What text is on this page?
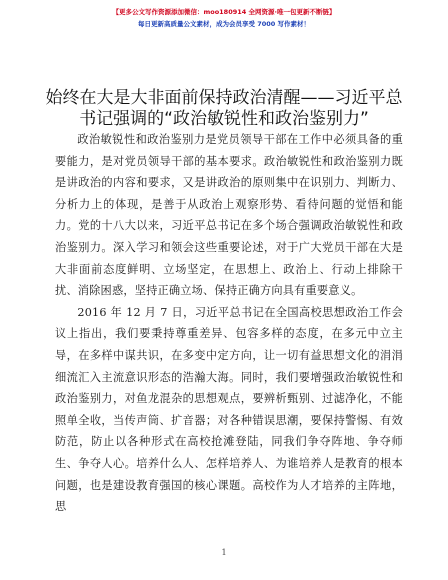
【更多公文写作资源添加微信：moo180914 全网资源·唯一包更新不断链】
每日更新高质量公文素材，成为会员享受 7000 写作素材！
始终在大是大非面前保持政治清醒——习近平总书记强调的“政治敏锐性和政治鉴别力”

政治敏锐性和政治鉴别力是党员领导干部在工作中必须具备的重要能力，是对党员领导干部的基本要求。政治敏锐性和政治鉴别力既是讲政治的内容和要求，又是讲政治的原则集中在识别力、判断力、分析力上的体现，是善于从政治上观察形势、看待问题的觉悟和能力。党的十八大以来，习近平总书记在多个场合强调政治敏锐性和政治鉴别力。深入学习和领会这些重要论述，对于广大党员干部在大是大非面前态度鲜明、立场坚定，在思想上、政治上、行动上排除干扰、消除困惑，坚持正确立场、保持正确方向具有重要意义。

2016 年 12 月 7 日，习近平总书记在全国高校思想政治工作会议上指出，我们要秉持尊重差异、包容多样的态度，在多元中立主导，在多样中谋共识，在多变中定方向，让一切有益思想文化的涓涓细流汇入主流意识形态的浩瀚大海。同时，我们要增强政治敏锐性和政治鉴别力，对鱼龙混杂的思想观点，要辨析甄别、过滤净化，不能照单全收，当传声筒、扩音器；对各种错误思潮，要保持警惕、有效防范，防止以各种形式在高校抢滩登陆，同我们争夺阵地、争夺师生、争夺人心。培养什么人、怎样培养人、为谁培养人是教育的根本问题，也是建设教育强国的核心课题。高校作为人才培养的主阵地，思

1
